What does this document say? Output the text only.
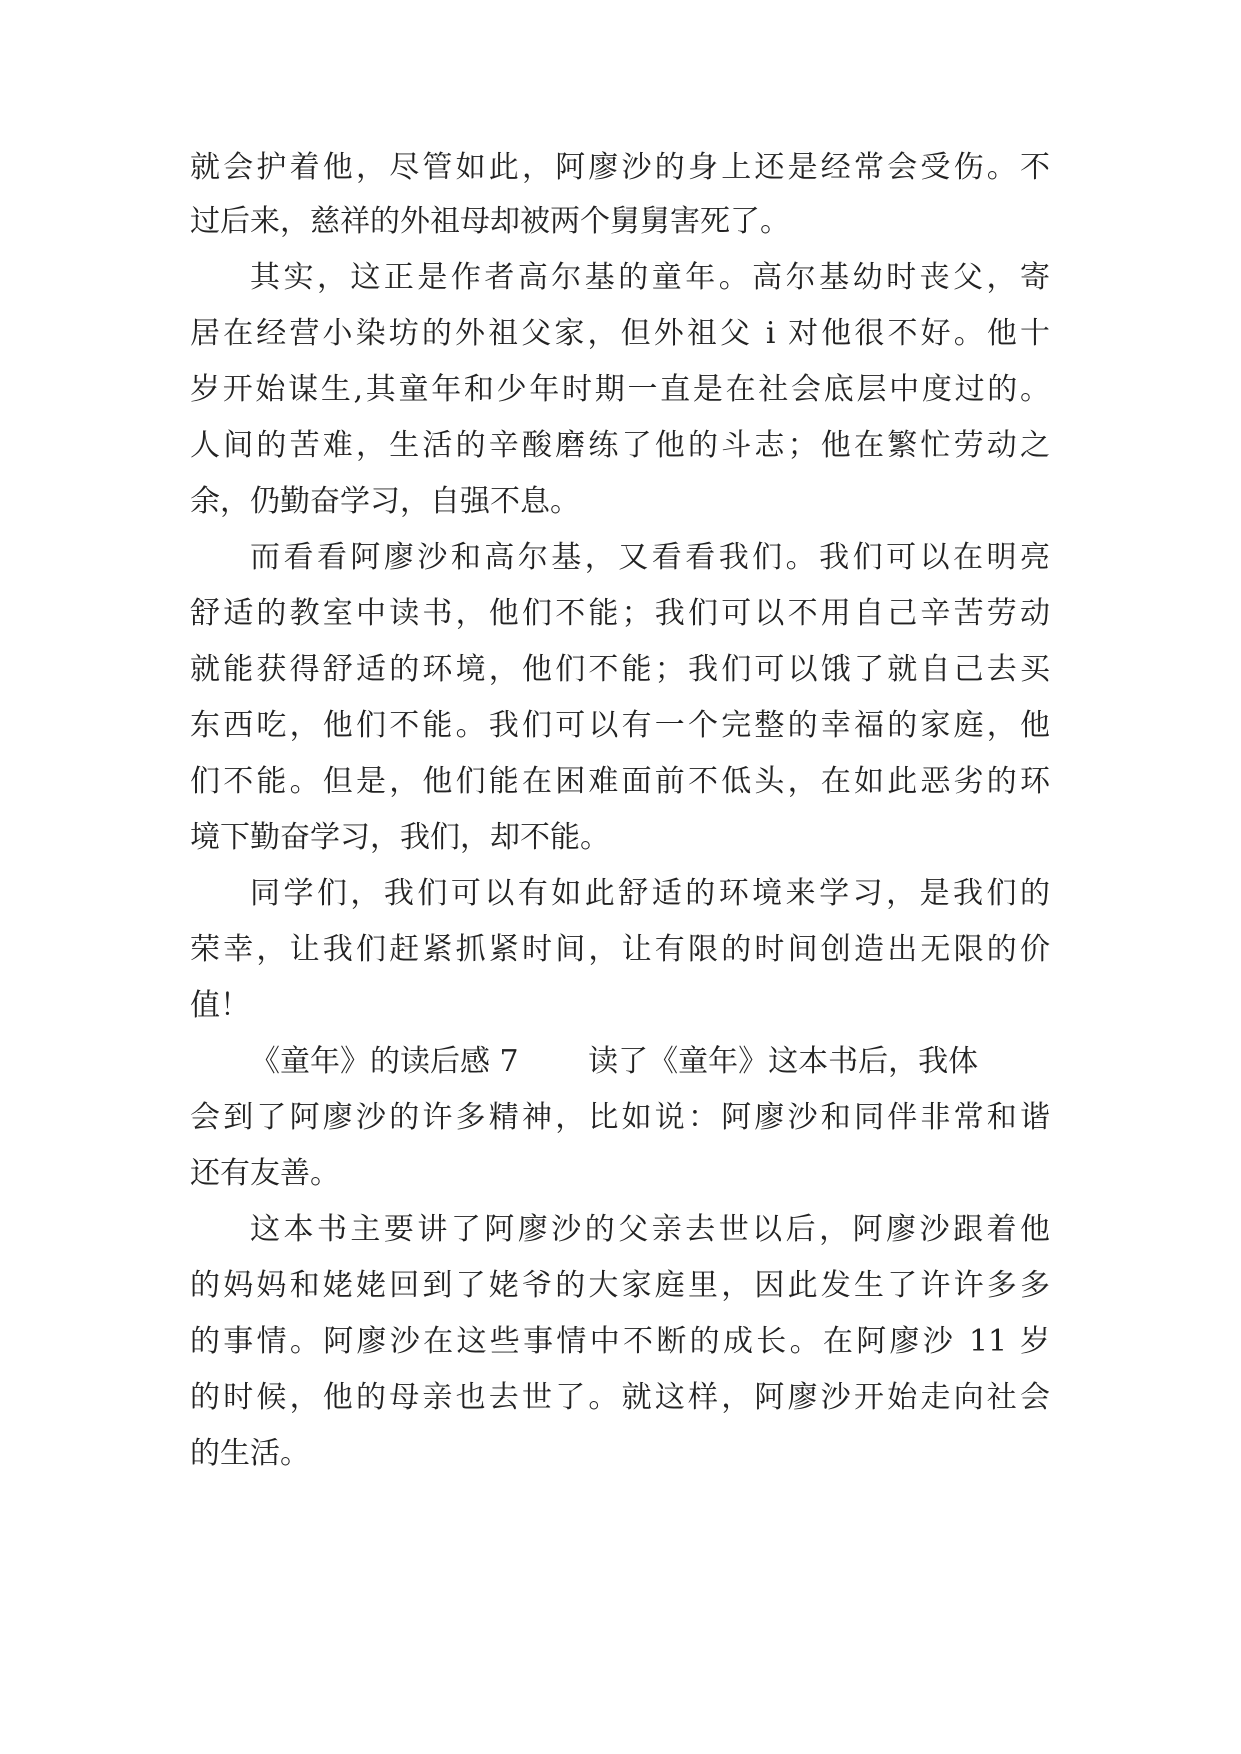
就会护着他，尽管如此，阿廖沙的身上还是经常会受伤。不
过后来，慈祥的外祖母却被两个舅舅害死了。
其实，这正是作者高尔基的童年。高尔基幼时丧父，寄
居在经营小染坊的外祖父家，但外祖父 i 对他很不好。他十
岁开始谋生,其童年和少年时期一直是在社会底层中度过的。
人间的苦难，生活的辛酸磨练了他的斗志；他在繁忙劳动之
余，仍勤奋学习，自强不息。
而看看阿廖沙和高尔基，又看看我们。我们可以在明亮
舒适的教室中读书，他们不能；我们可以不用自己辛苦劳动
就能获得舒适的环境，他们不能；我们可以饿了就自己去买
东西吃，他们不能。我们可以有一个完整的幸福的家庭，他
们不能。但是，他们能在困难面前不低头，在如此恶劣的环
境下勤奋学习，我们，却不能。
同学们，我们可以有如此舒适的环境来学习，是我们的
荣幸，让我们赶紧抓紧时间，让有限的时间创造出无限的价
值！
《童年》的读后感 7　　 读了《童年》这本书后，我体
会到了阿廖沙的许多精神，比如说：阿廖沙和同伴非常和谐
还有友善。
这本书主要讲了阿廖沙的父亲去世以后，阿廖沙跟着他
的妈妈和姥姥回到了姥爷的大家庭里，因此发生了许许多多
的事情。阿廖沙在这些事情中不断的成长。在阿廖沙 11 岁
的时候，他的母亲也去世了。就这样，阿廖沙开始走向社会
的生活。
